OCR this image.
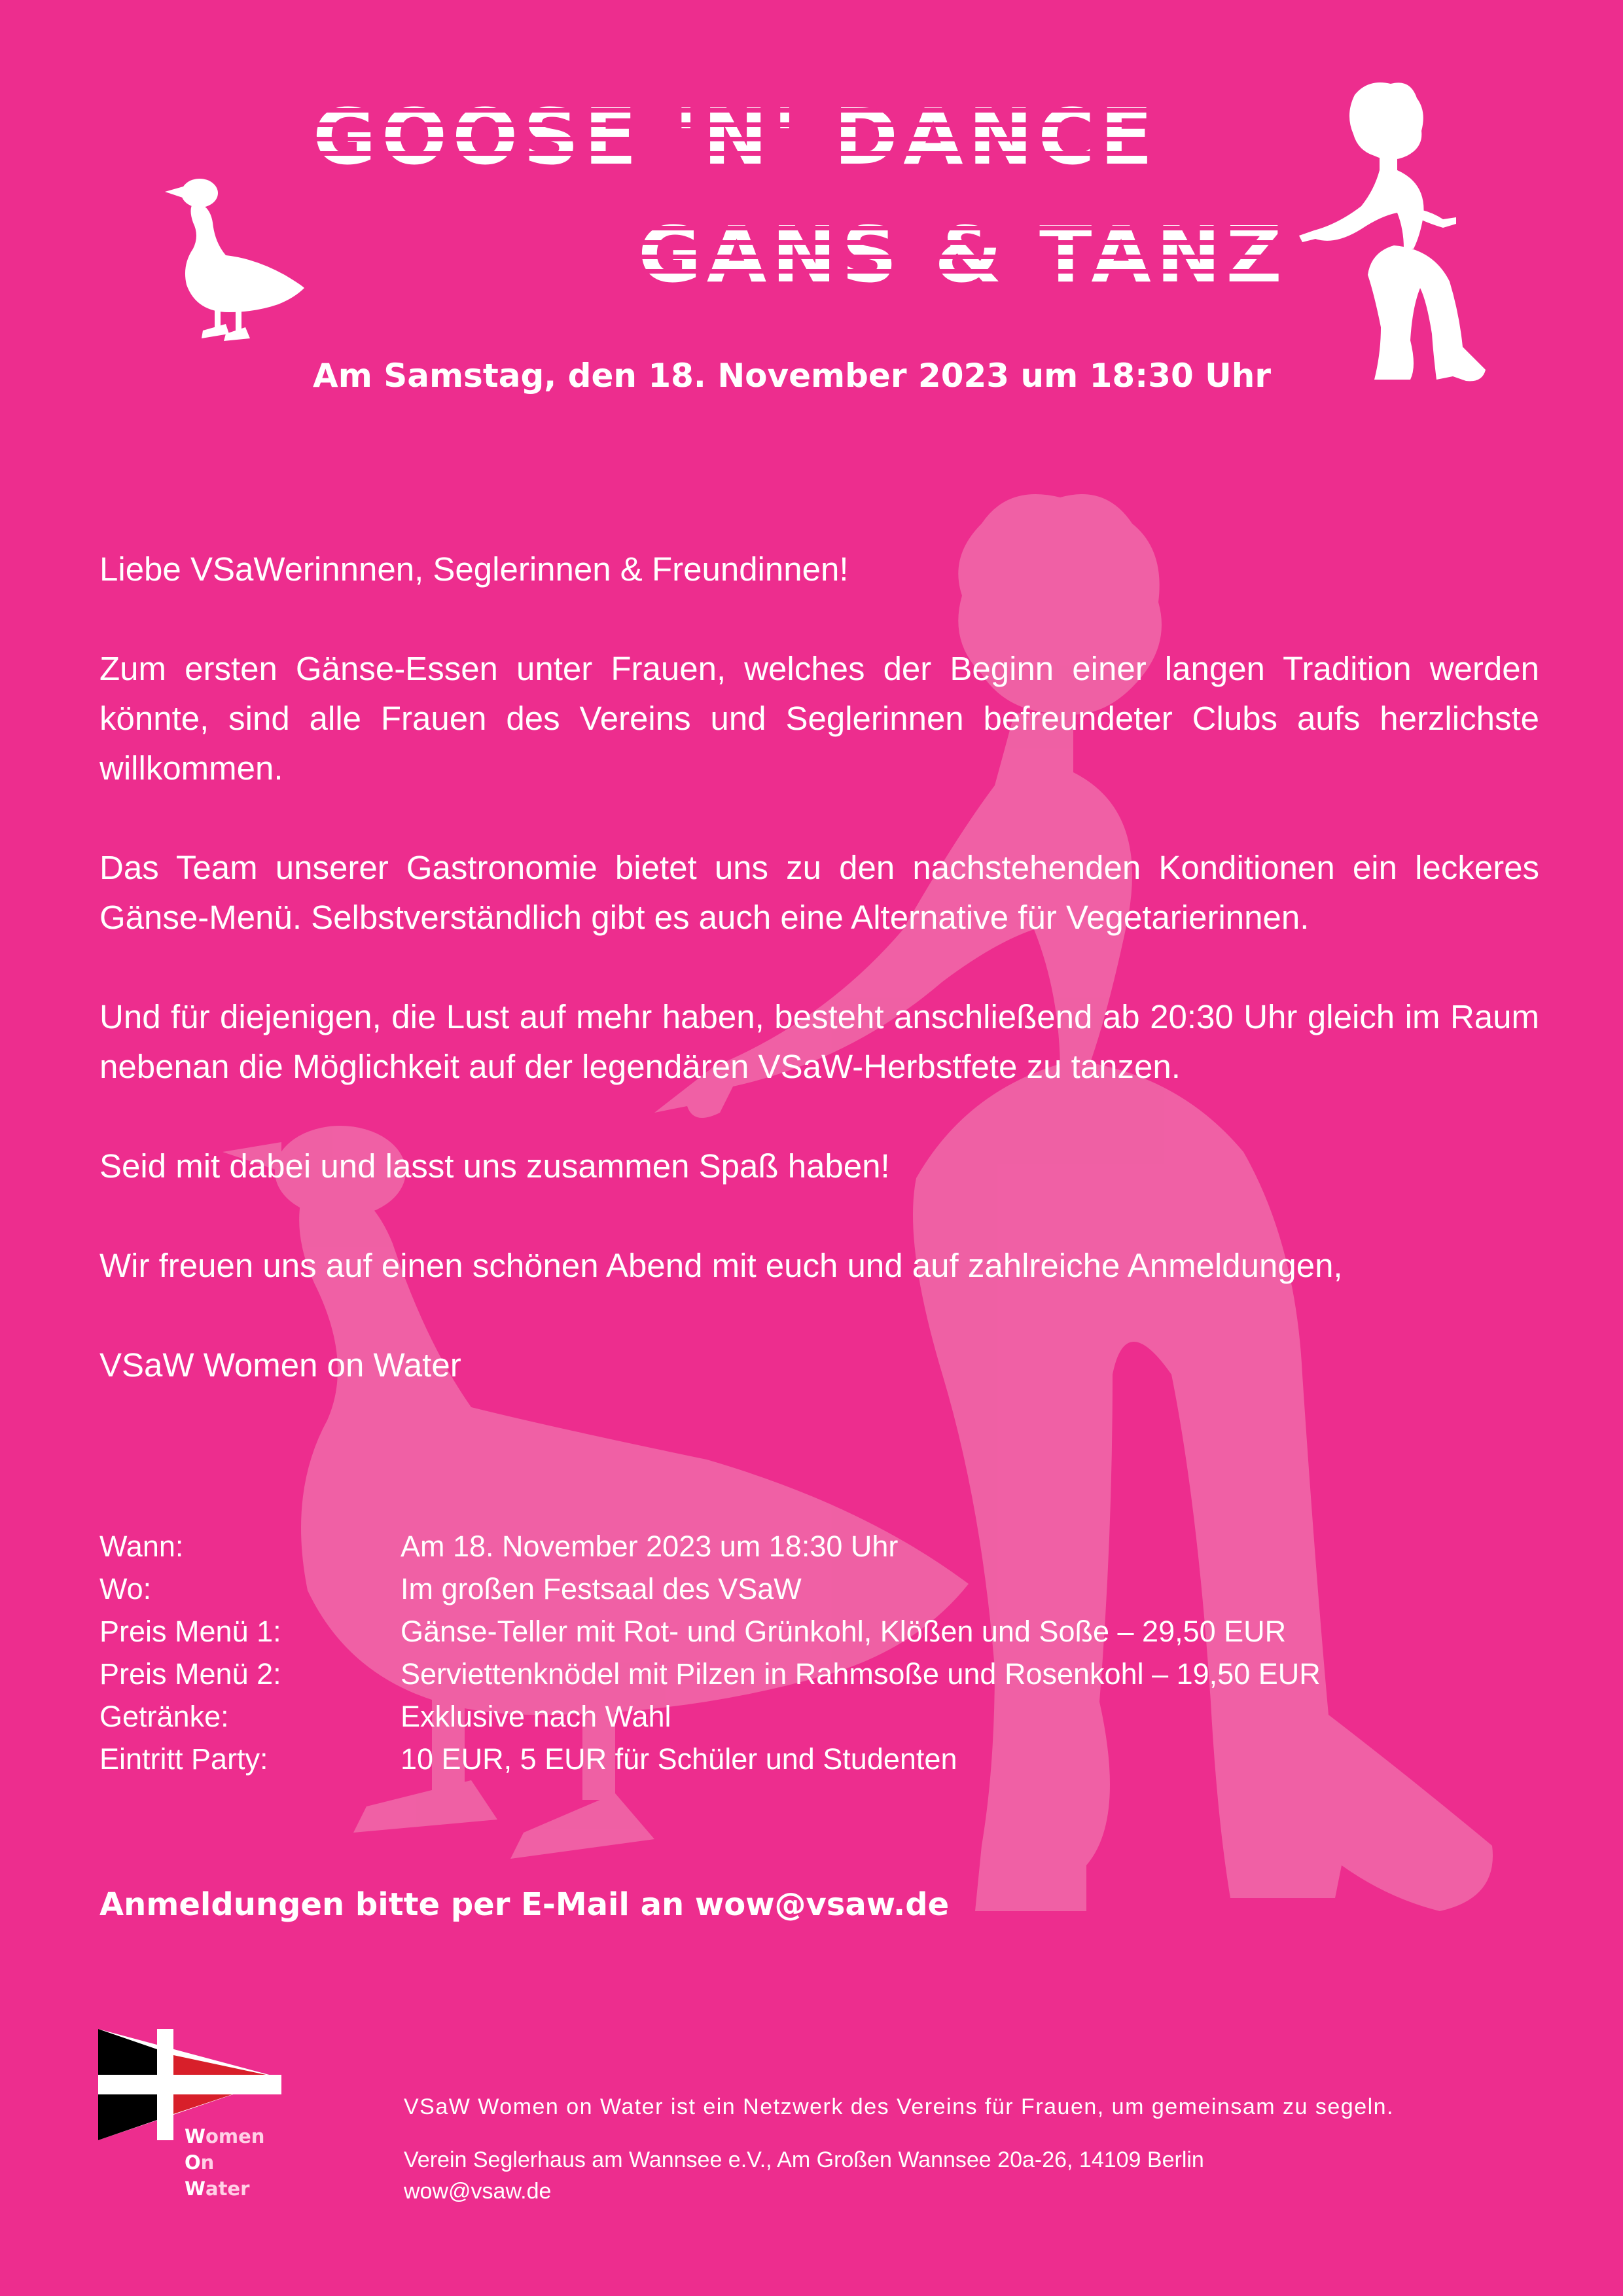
GOOSE 'N' DANCE
GANS & TANZ
Am Samstag, den 18. November 2023 um 18:30 Uhr

Liebe VSaWerinnnen, Seglerinnen & Freundinnen!

Zum ersten Gänse-Essen unter Frauen, welches der Beginn einer langen Tradition werden könnte, sind alle Frauen des Vereins und Seglerinnen befreundeter Clubs aufs herzlichste willkommen.

Das Team unserer Gastronomie bietet uns zu den nachstehenden Konditionen ein leckeres Gänse-Menü. Selbstverständlich gibt es auch eine Alternative für Vegetarierinnen.

Und für diejenigen, die Lust auf mehr haben, besteht anschließend ab 20:30 Uhr gleich im Raum nebenan die Möglichkeit auf der legendären VSaW-Herbstfete zu tanzen.

Seid mit dabei und lasst uns zusammen Spaß haben!

Wir freuen uns auf einen schönen Abend mit euch und auf zahlreiche Anmeldungen,

VSaW Women on Water

Wann:	Am 18. November 2023 um 18:30 Uhr
Wo:	Im großen Festsaal des VSaW
Preis Menü 1:	Gänse-Teller mit Rot- und Grünkohl, Klößen und Soße – 29,50 EUR
Preis Menü 2:	Serviettenknödel mit Pilzen in Rahmsoße und Rosenkohl – 19,50 EUR
Getränke:	Exklusive nach Wahl
Eintritt Party:	10 EUR, 5 EUR für Schüler und Studenten
Anmeldungen bitte per E-Mail an wow@vsaw.de
Women
On
Water
VSaW Women on Water ist ein Netzwerk des Vereins für Frauen, um gemeinsam zu segeln.
Verein Seglerhaus am Wannsee e.V., Am Großen Wannsee 20a-26, 14109 Berlin
wow@vsaw.de
